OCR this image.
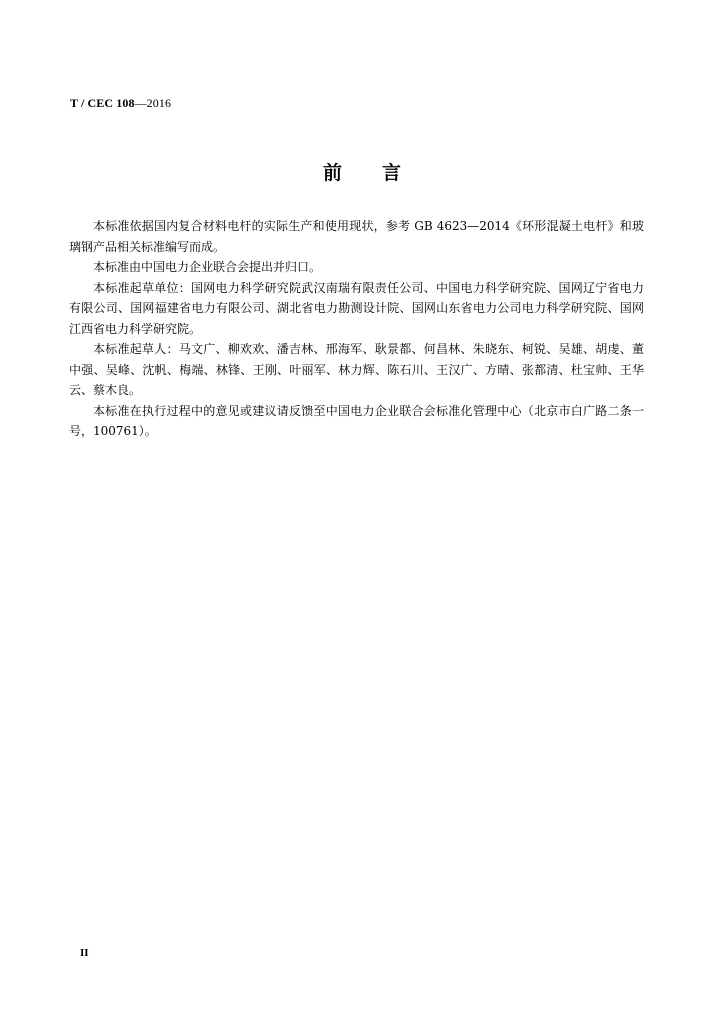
T / CEC 108—2016
前言

本标准依据国内复合材料电杆的实际生产和使用现状，参考 GB 4623—2014《环形混凝土电杆》和玻璃钢产品相关标准编写而成。

本标准由中国电力企业联合会提出并归口。

本标准起草单位：国网电力科学研究院武汉南瑞有限责任公司、中国电力科学研究院、国网辽宁省电力有限公司、国网福建省电力有限公司、湖北省电力勘测设计院、国网山东省电力公司电力科学研究院、国网江西省电力科学研究院。

本标准起草人：马文广、柳欢欢、潘吉林、邢海军、耿景都、何昌林、朱晓东、柯锐、吴雄、胡虔、董中强、吴峰、沈帆、梅端、林锋、王刚、叶丽军、林力辉、陈石川、王汉广、方晴、张都清、杜宝帅、王华云、蔡木良。

本标准在执行过程中的意见或建议请反馈至中国电力企业联合会标准化管理中心（北京市白广路二条一号，100761）。

II
